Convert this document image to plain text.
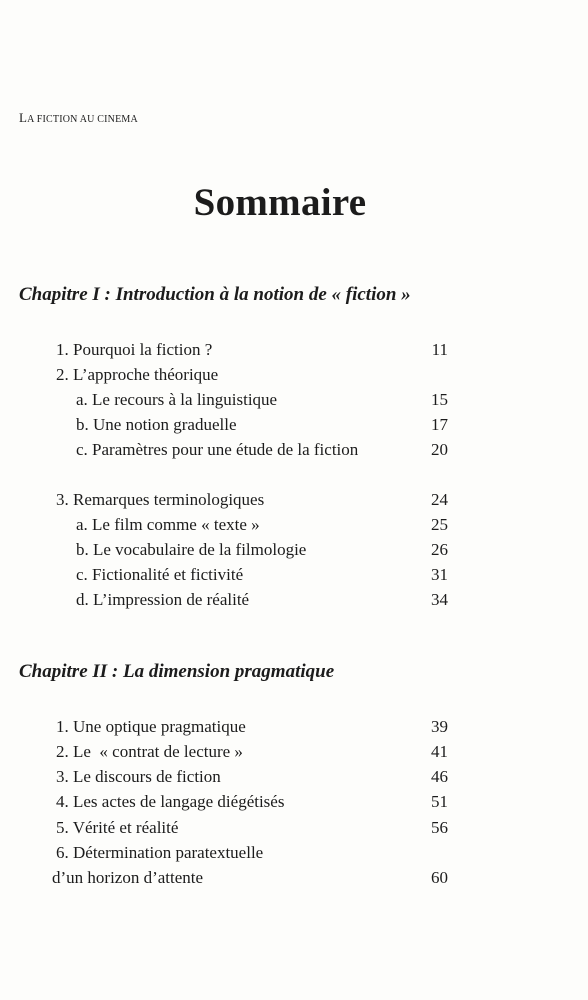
LA FICTION AU CINEMA
Sommaire
Chapitre I : Introduction à la notion de « fiction »
1. Pourquoi la fiction ?	11
2. L’approche théorique
a. Le recours à la linguistique	15
b. Une notion graduelle	17
c. Paramètres pour une étude de la fiction	20
3. Remarques terminologiques	24
a. Le film comme « texte »	25
b. Le vocabulaire de la filmologie	26
c. Fictionalité et fictivité	31
d. L’impression de réalité	34
Chapitre II : La dimension pragmatique
1. Une optique pragmatique	39
2. Le  « contrat de lecture »	41
3. Le discours de fiction	46
4. Les actes de langage diégétisés	51
5. Vérité et réalité	56
6. Détermination paratextuelle
d’un horizon d’attente	60
